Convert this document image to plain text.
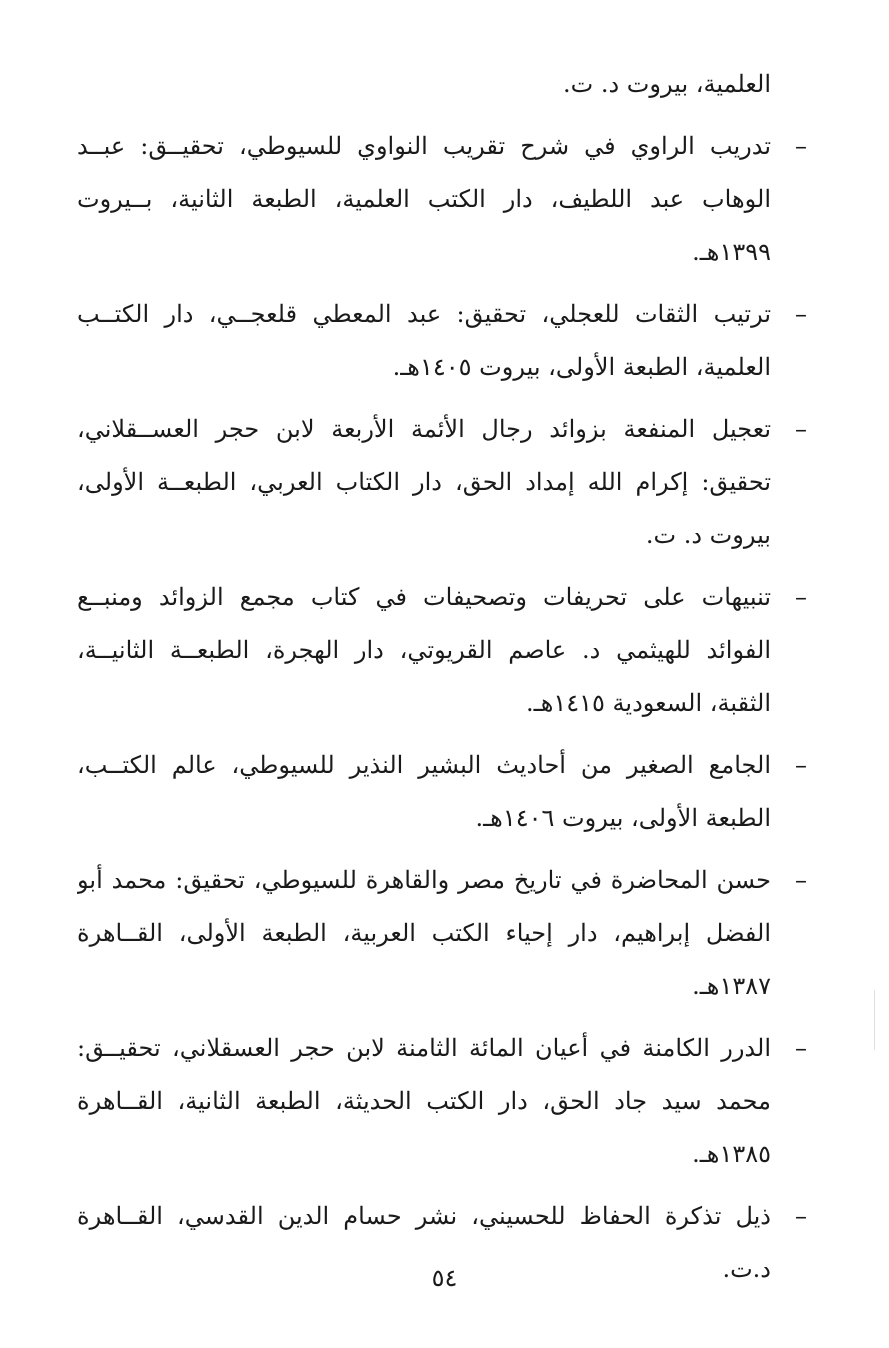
العلمية، بيروت د. ت.
–
تدريب الراوي في شرح تقريب النواوي للسيوطي، تحقيــق: عبــد
الوهاب عبد اللطيف، دار الكتب العلمية، الطبعة الثانية، بــيروت
١٣٩٩هـ.
–
ترتيب الثقات للعجلي، تحقيق: عبد المعطي قلعجــي، دار الكتــب
العلمية، الطبعة الأولى، بيروت ١٤٠٥هـ.
–
تعجيل المنفعة بزوائد رجال الأئمة الأربعة لابن حجر العســقلاني،
تحقيق: إكرام الله إمداد الحق، دار الكتاب العربي، الطبعــة الأولى،
بيروت د. ت.
–
تنبيهات على تحريفات وتصحيفات في كتاب مجمع الزوائد ومنبــع
الفوائد للهيثمي د. عاصم القريوتي، دار الهجرة، الطبعــة الثانيــة،
الثقبة، السعودية ١٤١٥هـ.
–
الجامع الصغير من أحاديث البشير النذير للسيوطي، عالم الكتــب،
الطبعة الأولى، بيروت ١٤٠٦هـ.
–
حسن المحاضرة في تاريخ مصر والقاهرة للسيوطي، تحقيق: محمد أبو
الفضل إبراهيم، دار إحياء الكتب العربية، الطبعة الأولى، القــاهرة
١٣٨٧هـ.
–
الدرر الكامنة في أعيان المائة الثامنة لابن حجر العسقلاني، تحقيــق:
محمد سيد جاد الحق، دار الكتب الحديثة، الطبعة الثانية، القــاهرة
١٣٨٥هـ.
–
ذيل تذكرة الحفاظ للحسيني، نشر حسام الدين القدسي، القــاهرة
د.ت.
٥٤
